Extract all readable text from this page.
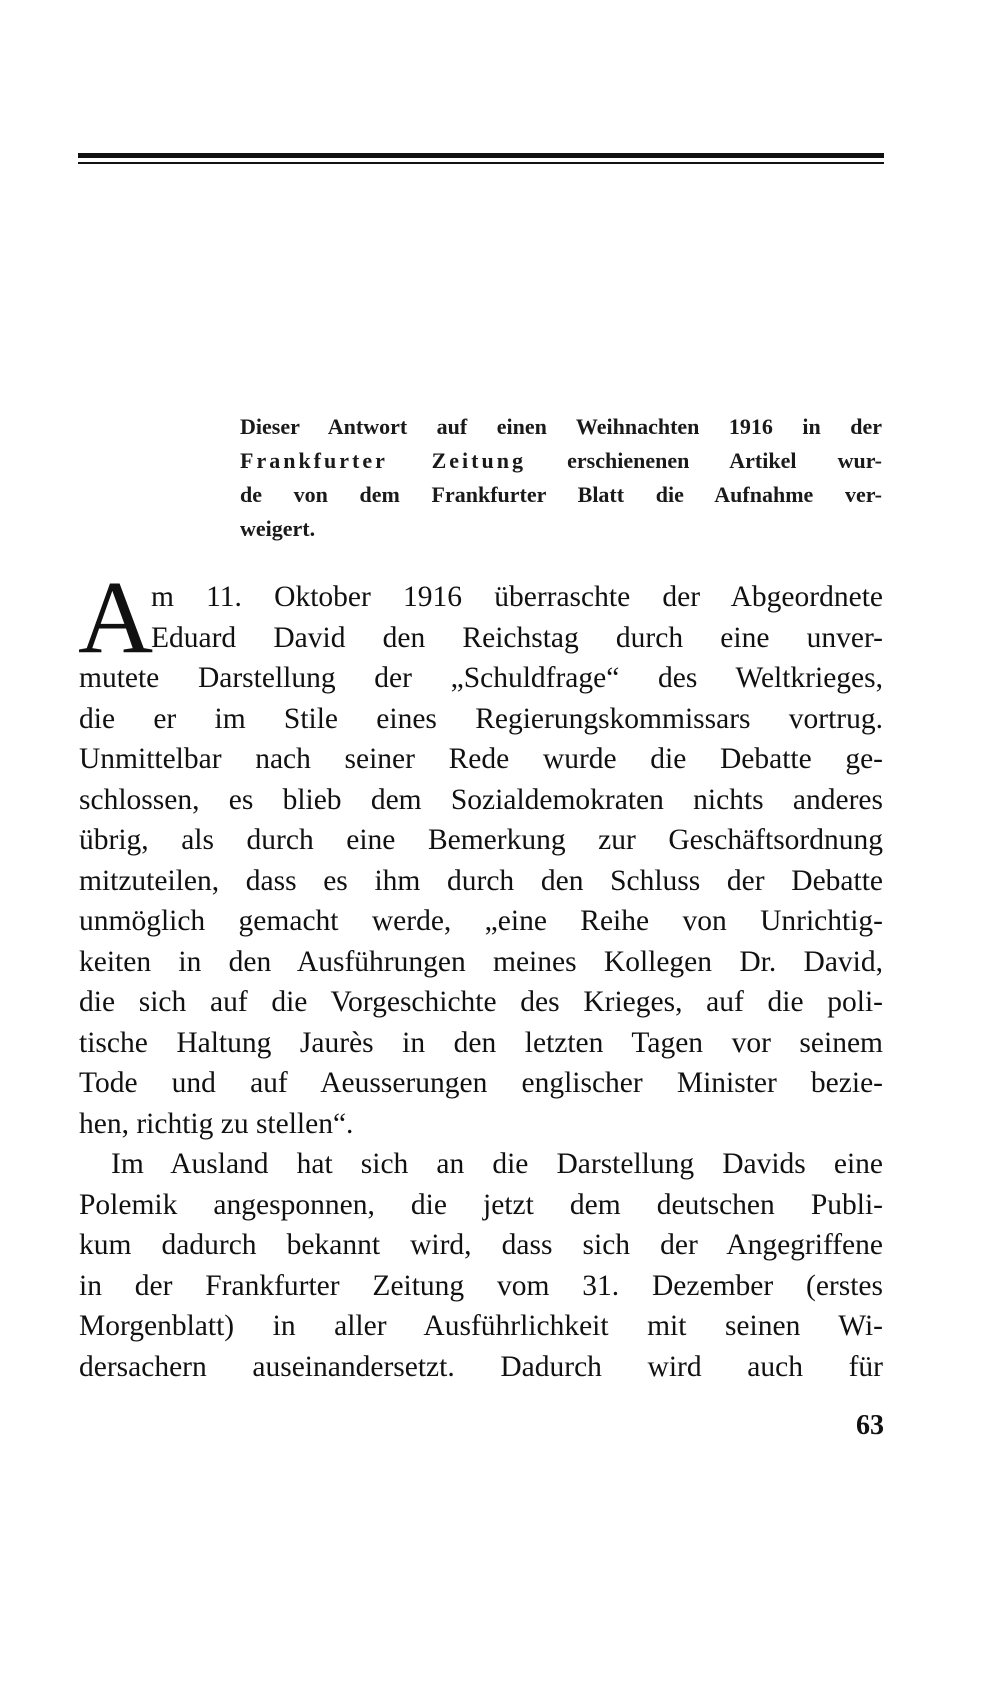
Dieser Antwort auf einen Weihnachten 1916 in der
Frankfurter Zeitung erschienenen Artikel wur-
de von dem Frankfurter Blatt die Aufnahme ver-
weigert.
A
m 11. Oktober 1916 überraschte der Abgeordnete
Eduard David den Reichstag durch eine unver-
mutete Darstellung der „Schuldfrage“ des Weltkrieges,
die er im Stile eines Regierungskommissars vortrug.
Unmittelbar nach seiner Rede wurde die Debatte ge-
schlossen, es blieb dem Sozialdemokraten nichts anderes
übrig, als durch eine Bemerkung zur Geschäftsordnung
mitzuteilen, dass es ihm durch den Schluss der Debatte
unmöglich gemacht werde, „eine Reihe von Unrichtig-
keiten in den Ausführungen meines Kollegen Dr. David,
die sich auf die Vorgeschichte des Krieges, auf die poli-
tische Haltung Jaurès in den letzten Tagen vor seinem
Tode und auf Aeusserungen englischer Minister bezie-
hen, richtig zu stellen“.
Im Ausland hat sich an die Darstellung Davids eine
Polemik angesponnen, die jetzt dem deutschen Publi-
kum dadurch bekannt wird, dass sich der Angegriffene
in der Frankfurter Zeitung vom 31. Dezember (erstes
Morgenblatt) in aller Ausführlichkeit mit seinen Wi-
dersachern auseinandersetzt. Dadurch wird auch für
63
